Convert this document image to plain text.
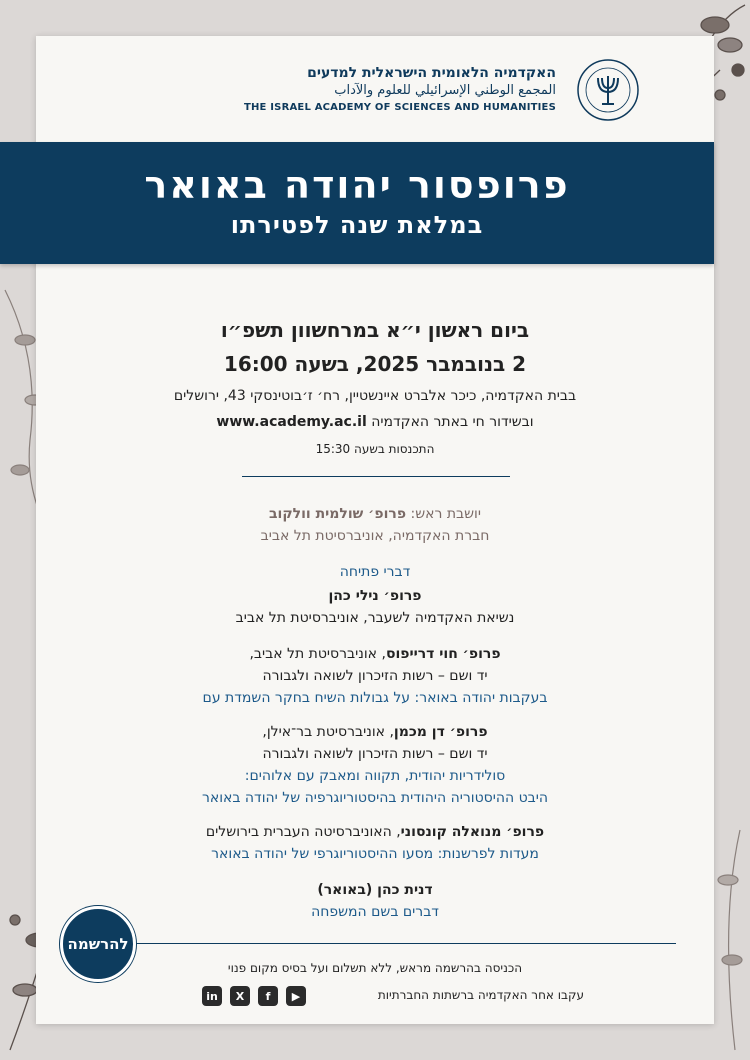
האקדמיה הלאומית הישראלית למדעים
المجمع الوطني الإسرائيلي للعلوم والآداب
THE ISRAEL ACADEMY OF SCIENCES AND HUMANITIES
ביום ראשון י״א במרחשוון תשפ״ו
2 בנובמבר 2025, בשעה 16:00
בבית האקדמיה, כיכר אלברט איינשטיין, רח׳ ז׳בוטינסקי 43, ירושלים
ובשידור חי באתר האקדמיה www.academy.ac.il
התכנסות בשעה 15:30
יושבת ראש: פרופ׳ שולמית וולקוב
חברת האקדמיה, אוניברסיטת תל אביב
דברי פתיחה
פרופ׳ נילי כהן
נשיאת האקדמיה לשעבר, אוניברסיטת תל אביב
פרופ׳ חוי דרייפוס, אוניברסיטת תל אביב,
יד ושם – רשות הזיכרון לשואה ולגבורה
בעקבות יהודה באואר: על גבולות השיח בחקר השמדת עם
פרופ׳ דן מכמן, אוניברסיטת בר־אילן,
יד ושם – רשות הזיכרון לשואה ולגבורה
סולידריות יהודית, תקווה ומאבק עם אלוהים:
היבט ההיסטוריה היהודית בהיסטוריוגרפיה של יהודה באואר
פרופ׳ מנואלה קונסוני, האוניברסיטה העברית בירושלים
מעדות לפרשנות: מסעו ההיסטוריוגרפי של יהודה באואר
דנית כהן (באואר)
דברים בשם המשפחה
להרשמה
הכניסה בהרשמה מראש, ללא תשלום ועל בסיס מקום פנוי
עקבו אחר האקדמיה ברשתות החברתיות
▶
f
X
in
פרופסור יהודה באואר
במלאת שנה לפטירתו
